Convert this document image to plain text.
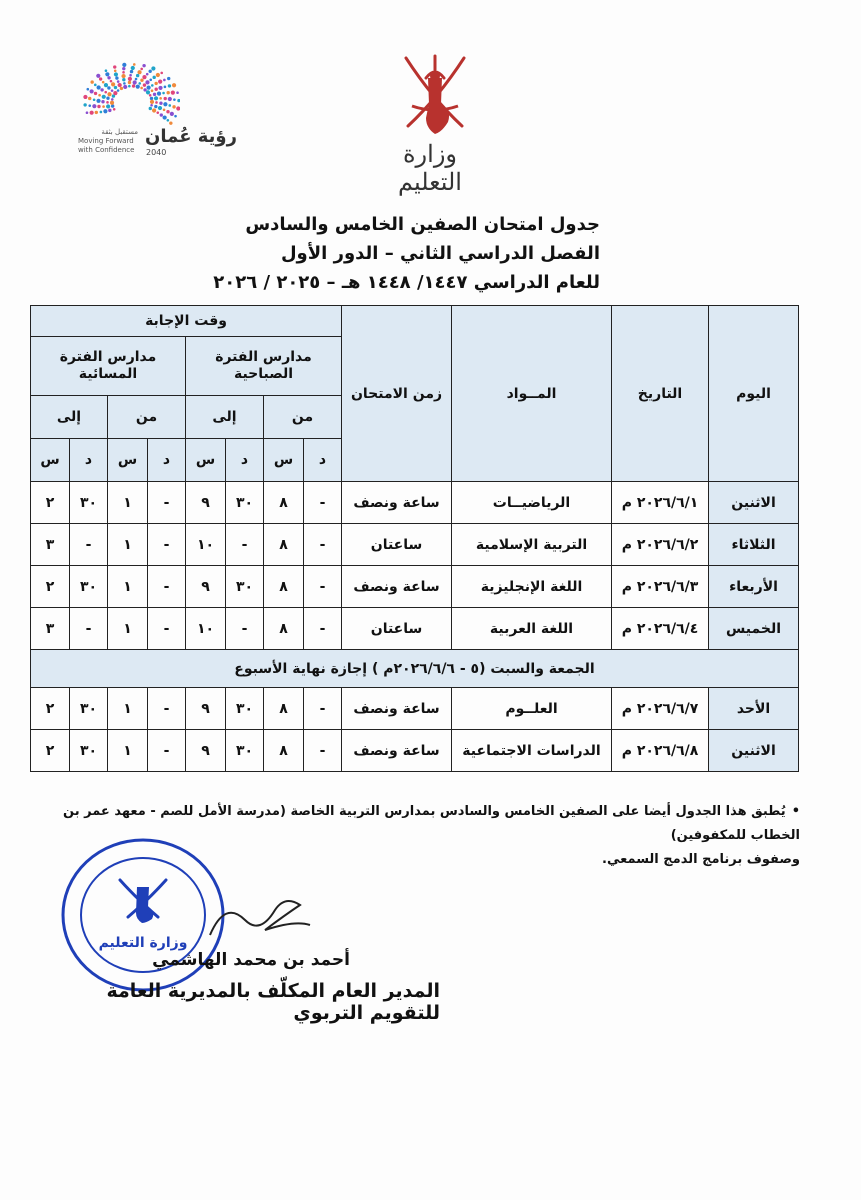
رؤية عُمان
2040
مستقبل بثقة
Moving Forward
with Confidence	وزارة التعليم
جدول امتحان الصفين الخامس والسادس
الفصل الدراسي الثاني – الدور الأول
للعام الدراسي ١٤٤٧/ ١٤٤٨ هـ – ٢٠٢٥ / ٢٠٢٦
اليوم	التاريخ	المــواد	زمن الامتحان	وقت الإجابة							
				مدارس الفترة الصباحية				مدارس الفترة المسائية			
				من		إلى		من		إلى	
				د	س	د	س	د	س	د	س
الاثنين	٢٠٢٦/٦/١ م	الرياضيــات	ساعة ونصف	-	٨	٣٠	٩	-	١	٣٠	٢
الثلاثاء	٢٠٢٦/٦/٢ م	التربية الإسلامية	ساعتان	-	٨	-	١٠	-	١	-	٣
الأربعاء	٢٠٢٦/٦/٣ م	اللغة الإنجليزية	ساعة ونصف	-	٨	٣٠	٩	-	١	٣٠	٢
الخميس	٢٠٢٦/٦/٤ م	اللغة العربية	ساعتان	-	٨	-	١٠	-	١	-	٣
الجمعة والسبت (٥ - ٢٠٢٦/٦/٦م ) إجازة نهاية الأسبوع											
الأحد	٢٠٢٦/٦/٧ م	العلــوم	ساعة ونصف	-	٨	٣٠	٩	-	١	٣٠	٢
الاثنين	٢٠٢٦/٦/٨ م	الدراسات الاجتماعية	ساعة ونصف	-	٨	٣٠	٩	-	١	٣٠	٢
•يُطبق هذا الجدول أيضا على الصفين الخامس والسادس بمدارس التربية الخاصة (مدرسة الأمل للصم - معهد عمر بن الخطاب للمكفوفين)
وصفوف برنامج الدمج السمعي.
وزارة التعليم
أحمد بن محمد الهاشمي
المدير العام المكلّف بالمديرية العامة للتقويم التربوي
